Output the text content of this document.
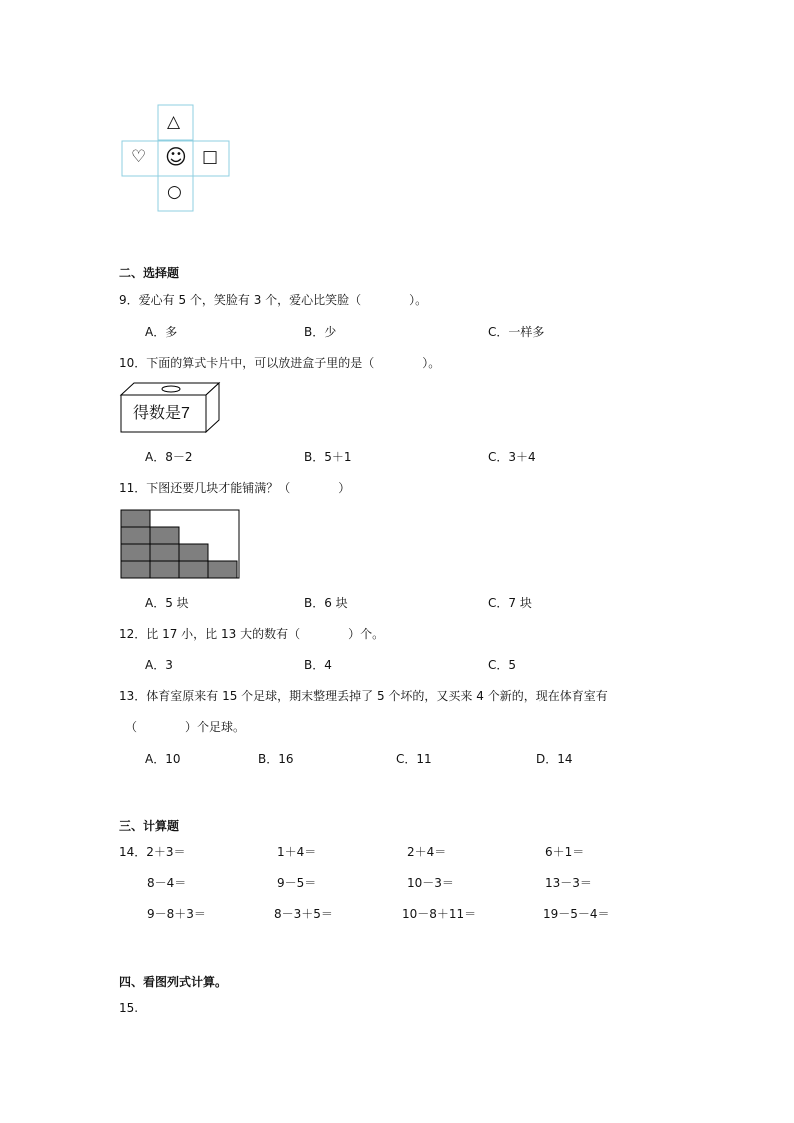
△
♡ ☺ □
○
二、选择题
9．爱心有 5 个，笑脸有 3 个，爱心比笑脸（　　　　）。
A．多	B．少	C．一样多
10．下面的算式卡片中，可以放进盒子里的是（　　　　）。
得数是7
A．8－2	B．5＋1	C．3＋4
11．下图还要几块才能铺满？（　　　　）
A．5 块	B．6 块	C．7 块
12．比 17 小，比 13 大的数有（　　　　）个。
A．3	B．4	C．5
13．体育室原来有 15 个足球，期末整理丢掉了 5 个坏的，又买来 4 个新的，现在体育室有
（　　　　）个足球。
A．10	B．16	C．11	D．14
三、计算题
14．2＋3＝	1＋4＝	2＋4＝	6＋1＝
8－4＝	9－5＝	10－3＝	13－3＝
9－8＋3＝	8－3＋5＝	10－8＋11＝	19－5－4＝
四、看图列式计算。
15.
